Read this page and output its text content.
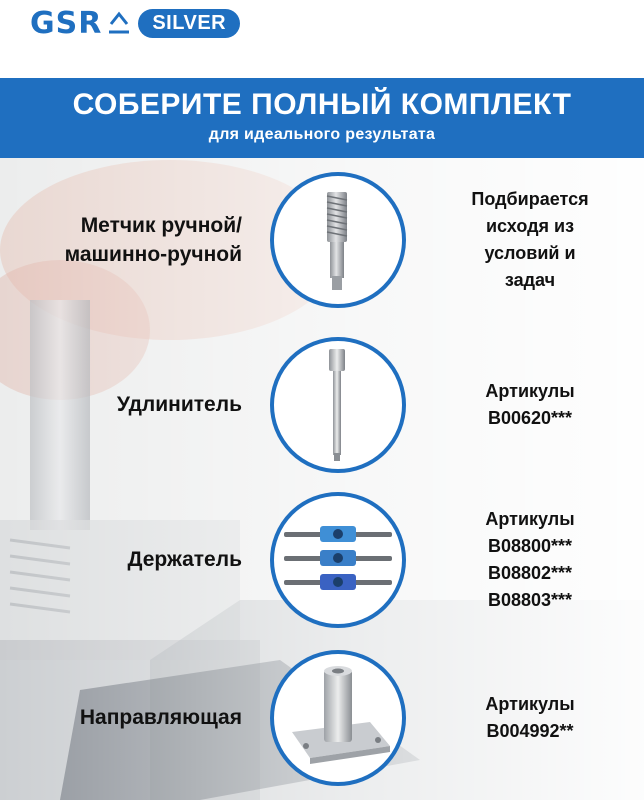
GSR	SILVER
СОБЕРИТЕ ПОЛНЫЙ КОМПЛЕКТ
для идеального результата
Метчик ручной/
машинно-ручной
Подбирается
исходя из
условий и
задач
Удлинитель
Артикулы
B00620***
Держатель
Артикулы
B08800***
B08802***
B08803***
Направляющая
Артикулы
B004992**
